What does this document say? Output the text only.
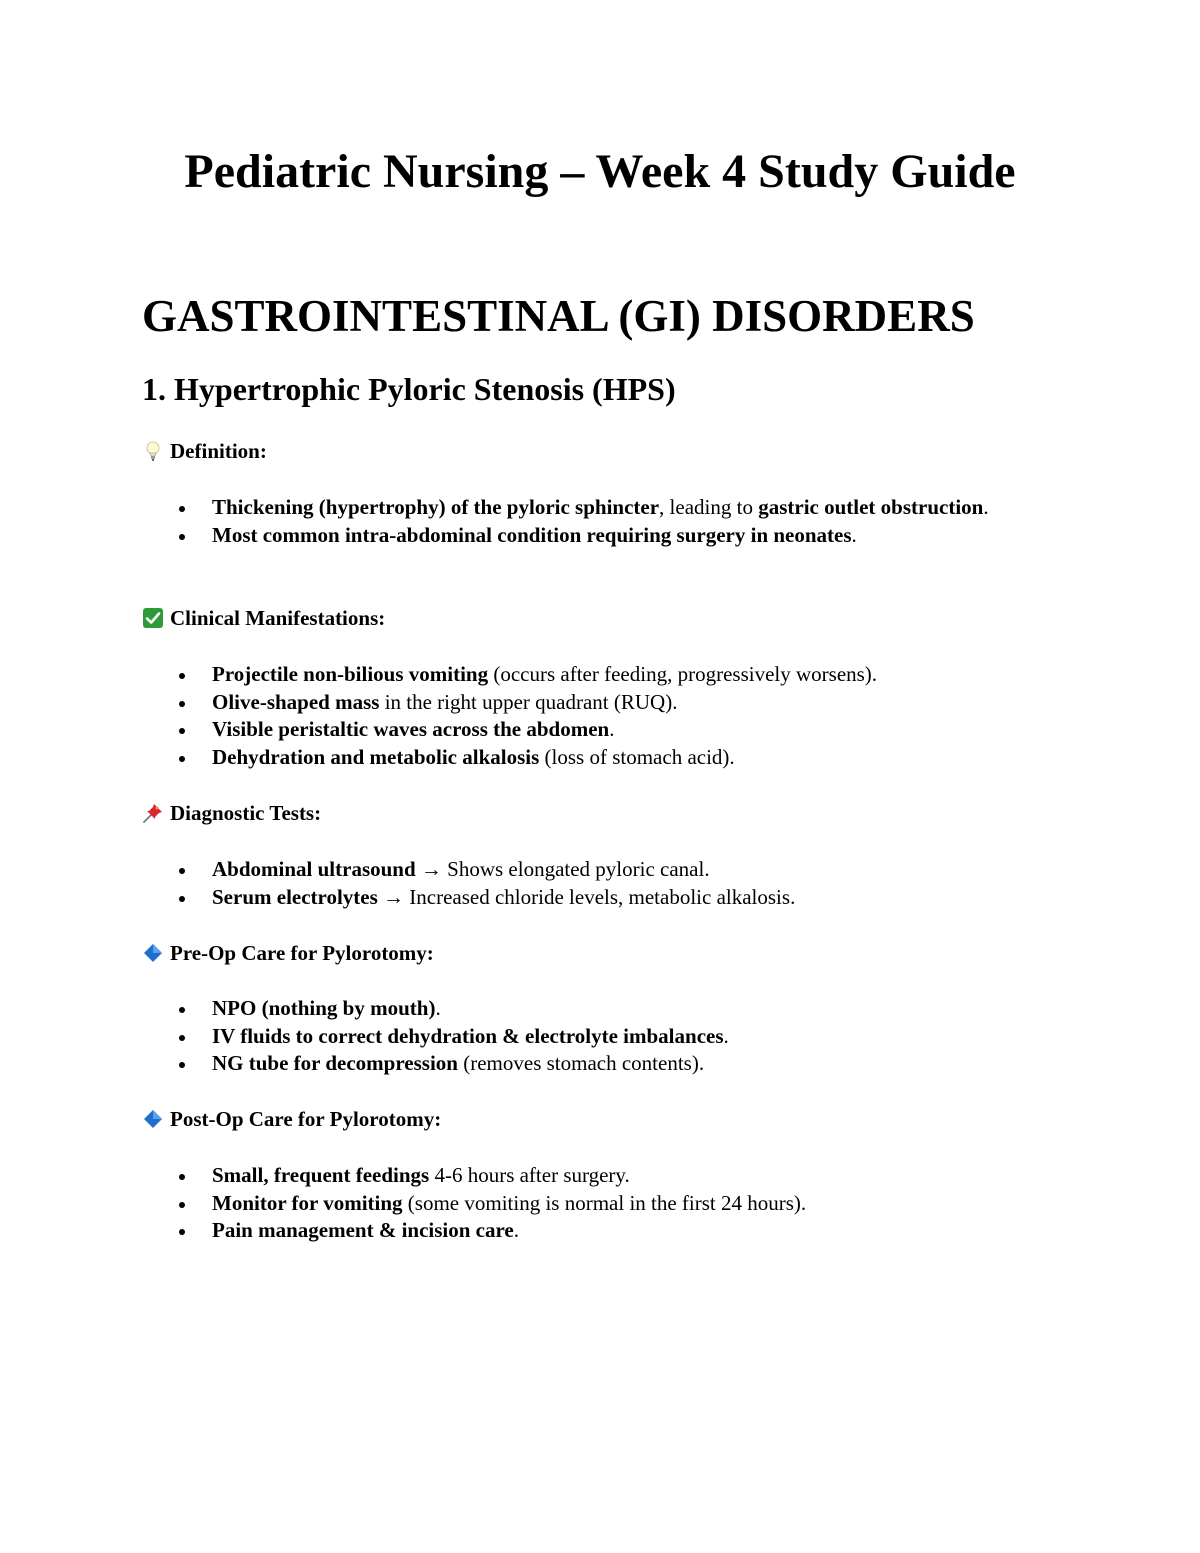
Pediatric Nursing – Week 4 Study Guide
GASTROINTESTINAL (GI) DISORDERS
1. Hypertrophic Pyloric Stenosis (HPS)
Definition:
Thickening (hypertrophy) of the pyloric sphincter, leading to gastric outlet obstruction.
Most common intra-abdominal condition requiring surgery in neonates.
Clinical Manifestations:
Projectile non-bilious vomiting (occurs after feeding, progressively worsens).
Olive-shaped mass in the right upper quadrant (RUQ).
Visible peristaltic waves across the abdomen.
Dehydration and metabolic alkalosis (loss of stomach acid).
Diagnostic Tests:
Abdominal ultrasound → Shows elongated pyloric canal.
Serum electrolytes → Increased chloride levels, metabolic alkalosis.
Pre-Op Care for Pylorotomy:
NPO (nothing by mouth).
IV fluids to correct dehydration & electrolyte imbalances.
NG tube for decompression (removes stomach contents).
Post-Op Care for Pylorotomy:
Small, frequent feedings 4-6 hours after surgery.
Monitor for vomiting (some vomiting is normal in the first 24 hours).
Pain management & incision care.
